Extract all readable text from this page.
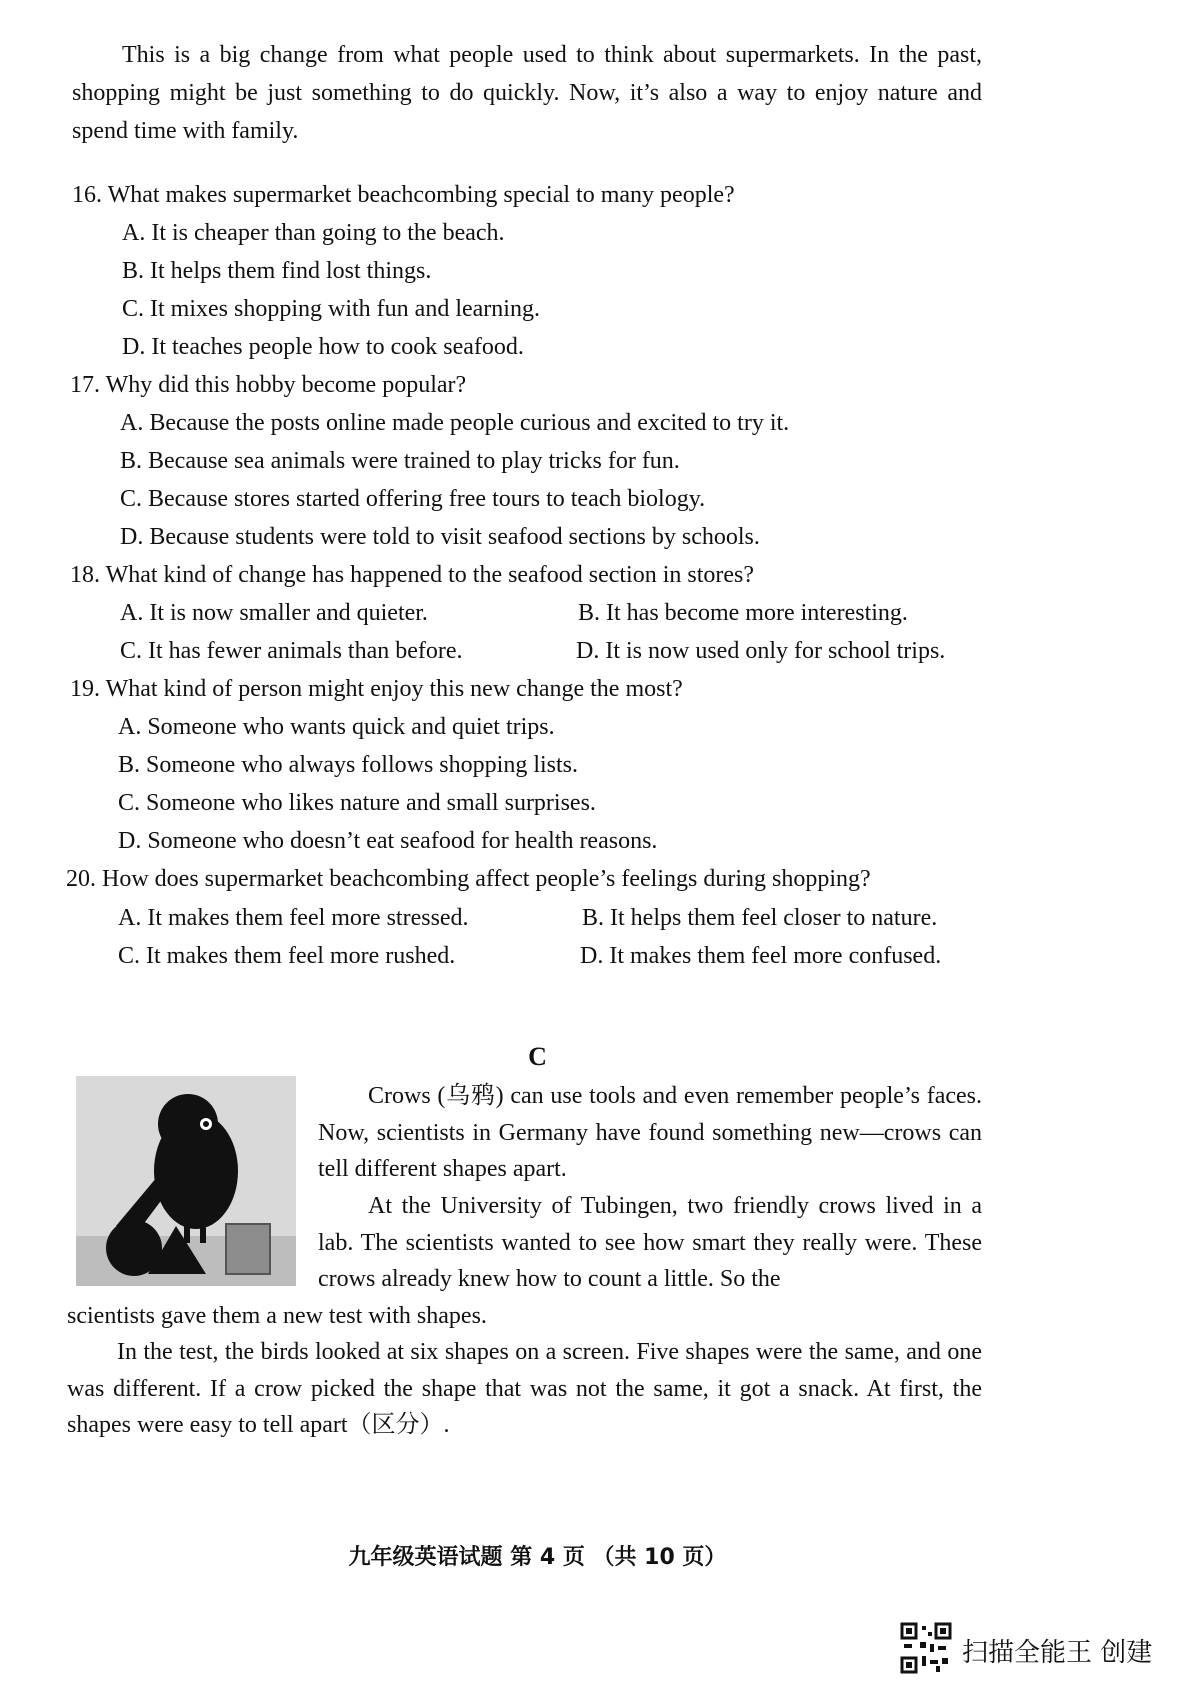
This is a big change from what people used to think about supermarkets. In the past, shopping might be just something to do quickly. Now, it’s also a way to enjoy nature and spend time with family.

16. What makes supermarket beachcombing special to many people?
A. It is cheaper than going to the beach.
B. It helps them find lost things.
C. It mixes shopping with fun and learning.
D. It teaches people how to cook seafood.
17. Why did this hobby become popular?
A. Because the posts online made people curious and excited to try it.
B. Because sea animals were trained to play tricks for fun.
C. Because stores started offering free tours to teach biology.
D. Because students were told to visit seafood sections by schools.
18. What kind of change has happened to the seafood section in stores?
A. It is now smaller and quieter.	B. It has become more interesting.
C. It has fewer animals than before.	D. It is now used only for school trips.
19. What kind of person might enjoy this new change the most?
A. Someone who wants quick and quiet trips.
B. Someone who always follows shopping lists.
C. Someone who likes nature and small surprises.
D. Someone who doesn’t eat seafood for health reasons.
20. How does supermarket beachcombing affect people’s feelings during shopping?
A. It makes them feel more stressed.	B. It helps them feel closer to nature.
C. It makes them feel more rushed.	D. It makes them feel more confused.
C

Crows (乌鸦) can use tools and even remember people’s faces. Now, scientists in Germany have found something new—crows can tell different shapes apart.

At the University of Tubingen, two friendly crows lived in a lab. The scientists wanted to see how smart they really were. These crows already knew how to count a little. So the

scientists gave them a new test with shapes.

In the test, the birds looked at six shapes on a screen. Five shapes were the same, and one was different. If a crow picked the shape that was not the same, it got a snack. At first, the shapes were easy to tell apart（区分）.

九年级英语试题 第 4 页 （共 10 页）
扫描全能王 创建
